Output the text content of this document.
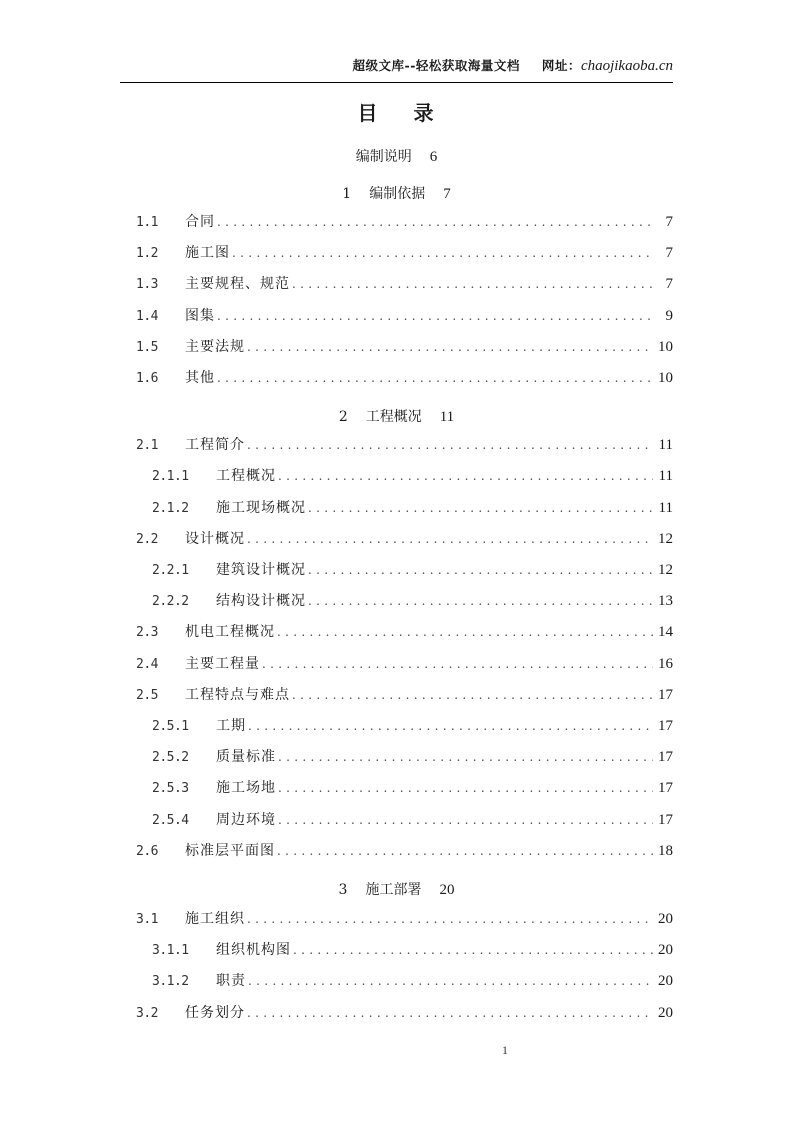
超级文库--轻松获取海量文档 网址：chaojikaoba.cn
目 录
编制说明 6
1 编制依据 7
1.1	合同 .....	7
1.2	施工图 .....	7
1.3	主要规程、规范 .....	7
1.4	图集 .....	9
1.5	主要法规 .....	10
1.6	其他 .....	10
2 工程概况 11
2.1	工程简介 .....	11
2.1.1	工程概况 .....	11
2.1.2	施工现场概况 .....	11
2.2	设计概况 .....	12
2.2.1	建筑设计概况 .....	12
2.2.2	结构设计概况 .....	13
2.3	机电工程概况 .....	14
2.4	主要工程量 .....	16
2.5	工程特点与难点 .....	17
2.5.1	工期 .....	17
2.5.2	质量标准 .....	17
2.5.3	施工场地 .....	17
2.5.4	周边环境 .....	17
2.6	标准层平面图 .....	18
3 施工部署 20
3.1	施工组织 .....	20
3.1.1	组织机构图 .....	20
3.1.2	职责 .....	20
3.2	任务划分 .....	20
1
